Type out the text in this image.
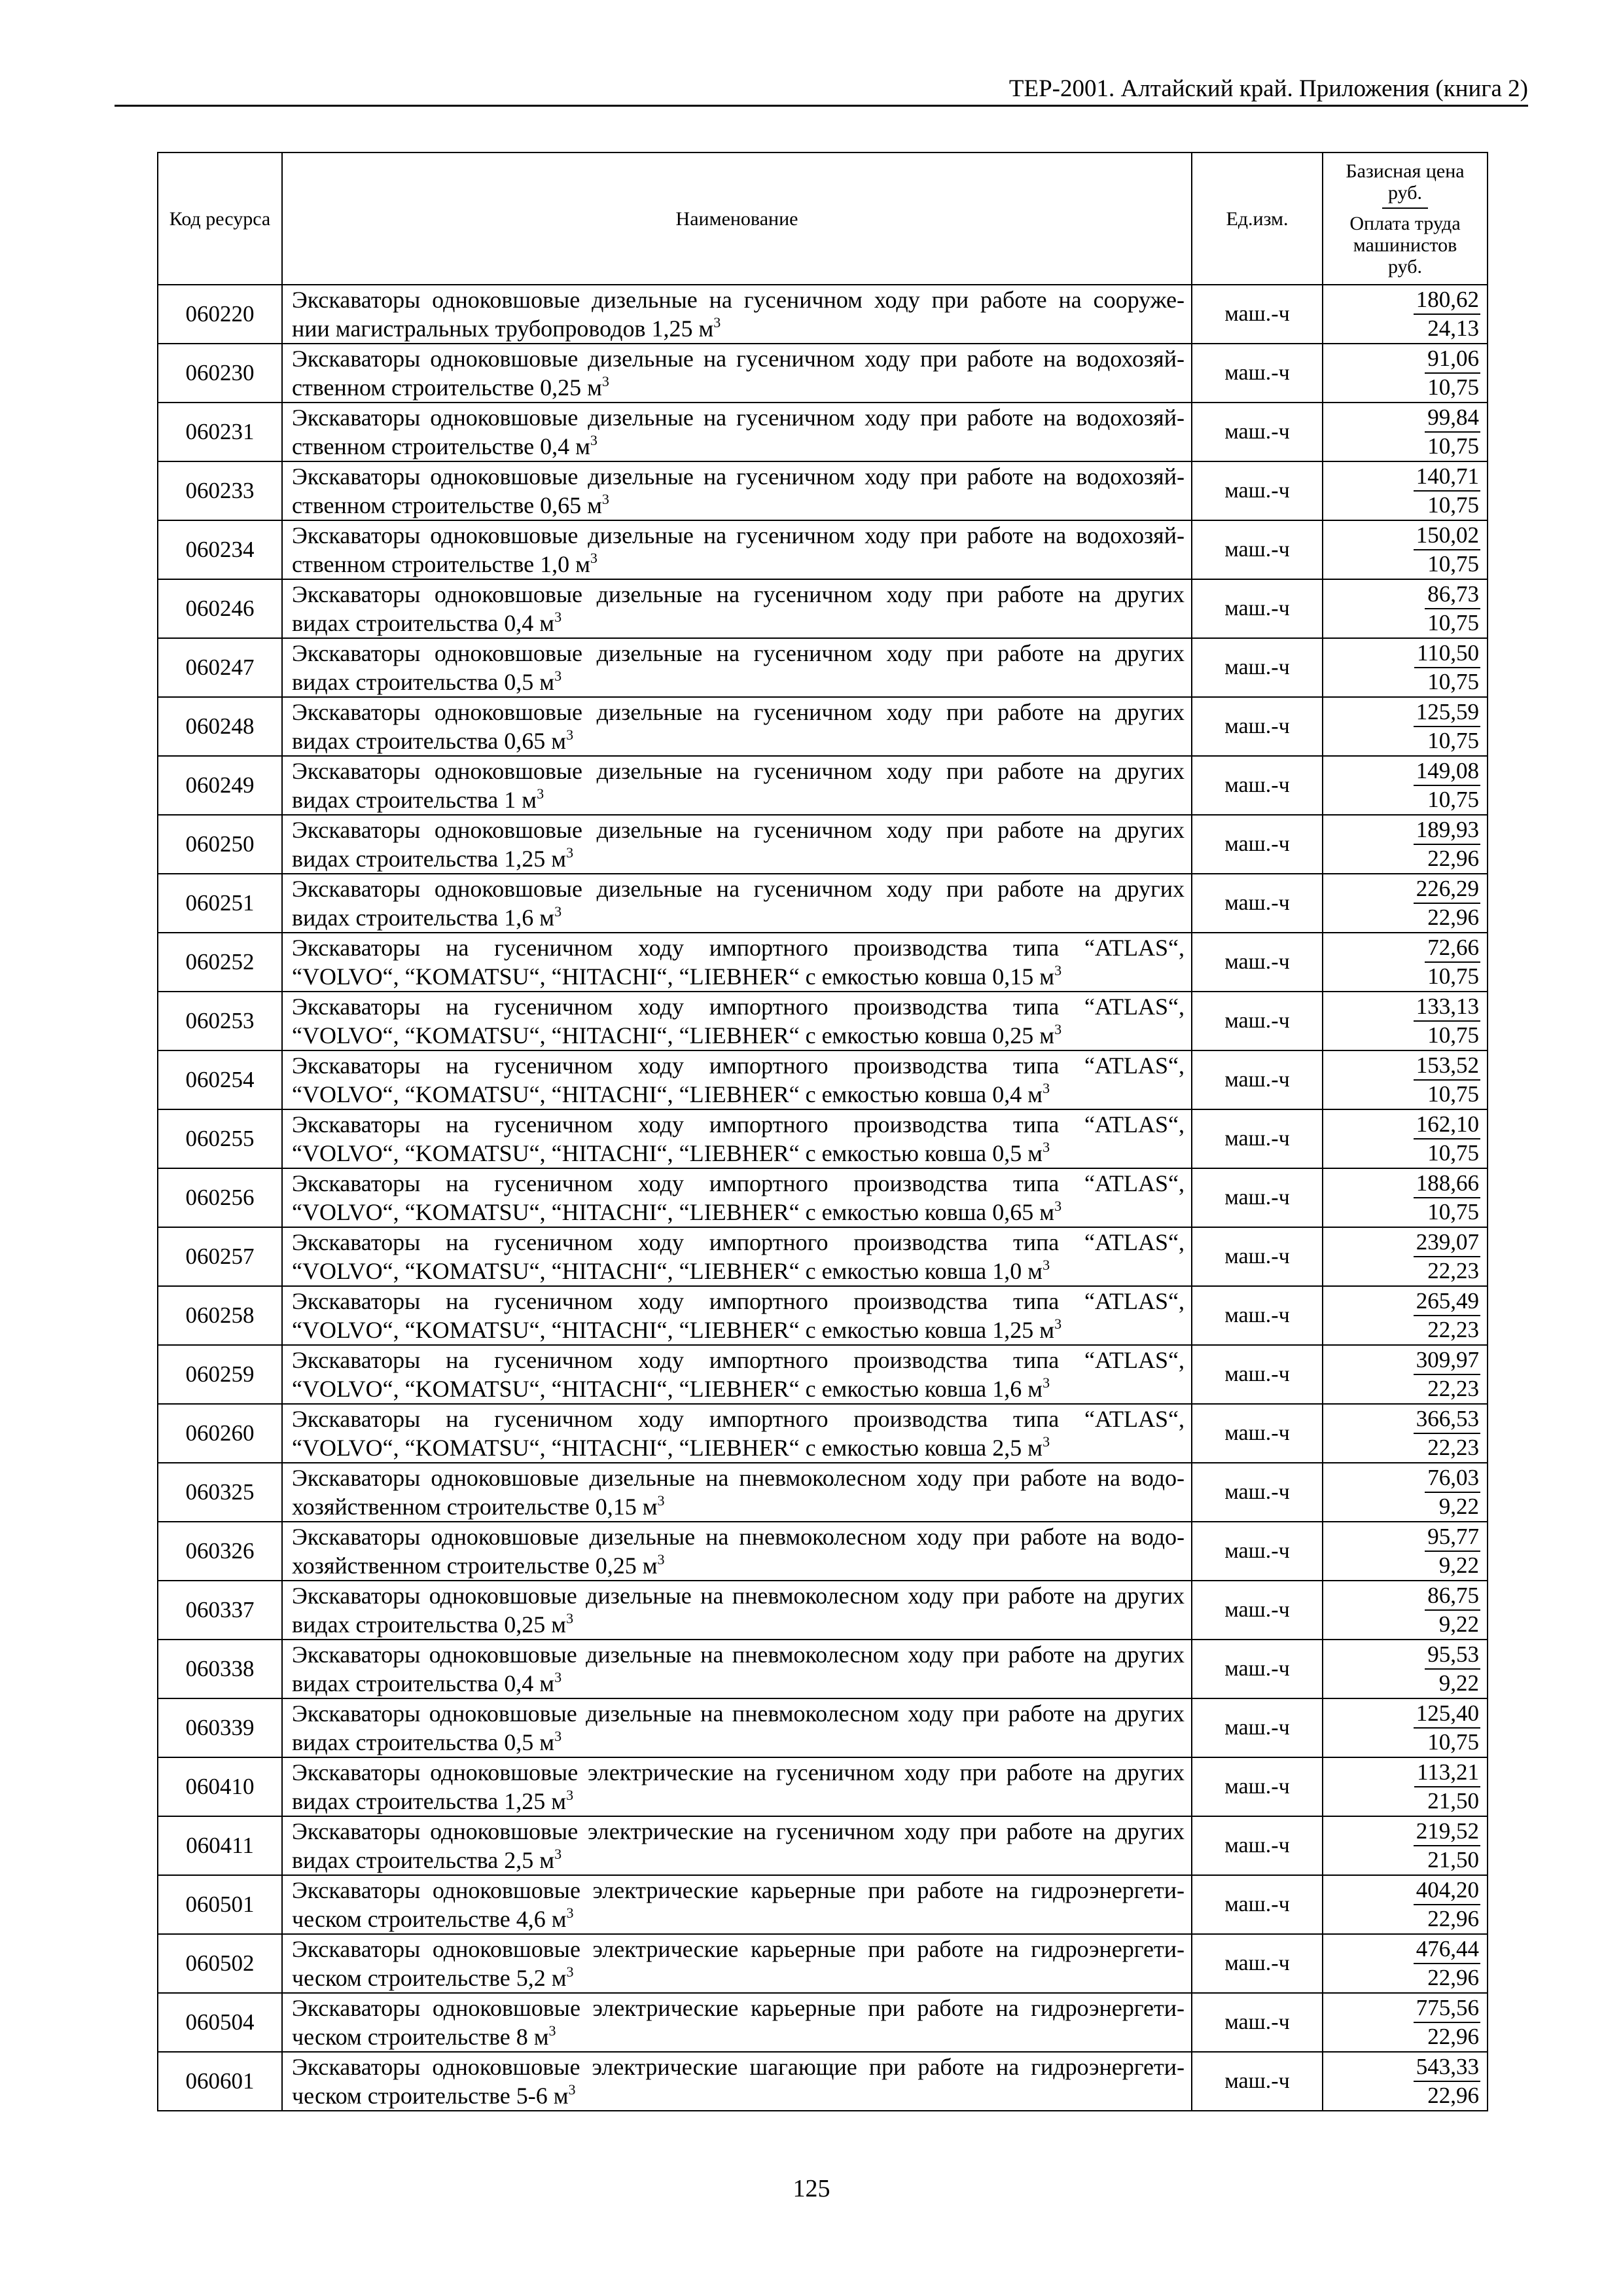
ТЕР-2001. Алтайский край. Приложения (книга 2)
Код ресурса	Наименование	Ед.изм.	Базисная цена руб.
Оплата труда машинистов руб.

060220	Экскаваторы одноковшовые дизельные на гусеничном ходу при работе на сооруже-
нии магистральных трубопроводов 1,25 $м^3$	маш.-ч	$\frac{180,62}{24,13}$

060230	Экскаваторы одноковшовые дизельные на гусеничном ходу при работе на водохозяй-
ственном строительстве 0,25 $м^3$	маш.-ч	$\frac{91,06}{10,75}$

060231	Экскаваторы одноковшовые дизельные на гусеничном ходу при работе на водохозяй-
ственном строительстве 0,4 $м^3$	маш.-ч	$\frac{99,84}{10,75}$

060233	Экскаваторы одноковшовые дизельные на гусеничном ходу при работе на водохозяй-
ственном строительстве 0,65 $м^3$	маш.-ч	$\frac{140,71}{10,75}$

060234	Экскаваторы одноковшовые дизельные на гусеничном ходу при работе на водохозяй-
ственном строительстве 1,0 $м^3$	маш.-ч	$\frac{150,02}{10,75}$

060246	Экскаваторы одноковшовые дизельные на гусеничном ходу при работе на других
видах строительства 0,4 $м^3$	маш.-ч	$\frac{86,73}{10,75}$

060247	Экскаваторы одноковшовые дизельные на гусеничном ходу при работе на других
видах строительства 0,5 $м^3$	маш.-ч	$\frac{110,50}{10,75}$

060248	Экскаваторы одноковшовые дизельные на гусеничном ходу при работе на других
видах строительства 0,65 $м^3$	маш.-ч	$\frac{125,59}{10,75}$

060249	Экскаваторы одноковшовые дизельные на гусеничном ходу при работе на других
видах строительства 1 $м^3$	маш.-ч	$\frac{149,08}{10,75}$

060250	Экскаваторы одноковшовые дизельные на гусеничном ходу при работе на других
видах строительства 1,25 $м^3$	маш.-ч	$\frac{189,93}{22,96}$

060251	Экскаваторы одноковшовые дизельные на гусеничном ходу при работе на других
видах строительства 1,6 $м^3$	маш.-ч	$\frac{226,29}{22,96}$

060252	Экскаваторы на гусеничном ходу импортного производства типа “ATLAS“,
“VOLVO“, “KOMATSU“, “HITACHI“, “LIEBHER“ с емкостью ковша 0,15 $м^3$	маш.-ч	$\frac{72,66}{10,75}$

060253	Экскаваторы на гусеничном ходу импортного производства типа “ATLAS“,
“VOLVO“, “KOMATSU“, “HITACHI“, “LIEBHER“ с емкостью ковша 0,25 $м^3$	маш.-ч	$\frac{133,13}{10,75}$

060254	Экскаваторы на гусеничном ходу импортного производства типа “ATLAS“,
“VOLVO“, “KOMATSU“, “HITACHI“, “LIEBHER“ с емкостью ковша 0,4 $м^3$	маш.-ч	$\frac{153,52}{10,75}$

060255	Экскаваторы на гусеничном ходу импортного производства типа “ATLAS“,
“VOLVO“, “KOMATSU“, “HITACHI“, “LIEBHER“ с емкостью ковша 0,5 $м^3$	маш.-ч	$\frac{162,10}{10,75}$

060256	Экскаваторы на гусеничном ходу импортного производства типа “ATLAS“,
“VOLVO“, “KOMATSU“, “HITACHI“, “LIEBHER“ с емкостью ковша 0,65 $м^3$	маш.-ч	$\frac{188,66}{10,75}$

060257	Экскаваторы на гусеничном ходу импортного производства типа “ATLAS“,
“VOLVO“, “KOMATSU“, “HITACHI“, “LIEBHER“ с емкостью ковша 1,0 $м^3$	маш.-ч	$\frac{239,07}{22,23}$

060258	Экскаваторы на гусеничном ходу импортного производства типа “ATLAS“,
“VOLVO“, “KOMATSU“, “HITACHI“, “LIEBHER“ с емкостью ковша 1,25 $м^3$	маш.-ч	$\frac{265,49}{22,23}$

060259	Экскаваторы на гусеничном ходу импортного производства типа “ATLAS“,
“VOLVO“, “KOMATSU“, “HITACHI“, “LIEBHER“ с емкостью ковша 1,6 $м^3$	маш.-ч	$\frac{309,97}{22,23}$

060260	Экскаваторы на гусеничном ходу импортного производства типа “ATLAS“,
“VOLVO“, “KOMATSU“, “HITACHI“, “LIEBHER“ с емкостью ковша 2,5 $м^3$	маш.-ч	$\frac{366,53}{22,23}$

060325	Экскаваторы одноковшовые дизельные на пневмоколесном ходу при работе на водо-
хозяйственном строительстве 0,15 $м^3$	маш.-ч	$\frac{76,03}{9,22}$

060326	Экскаваторы одноковшовые дизельные на пневмоколесном ходу при работе на водо-
хозяйственном строительстве 0,25 $м^3$	маш.-ч	$\frac{95,77}{9,22}$

060337	Экскаваторы одноковшовые дизельные на пневмоколесном ходу при работе на других
видах строительства 0,25 $м^3$	маш.-ч	$\frac{86,75}{9,22}$

060338	Экскаваторы одноковшовые дизельные на пневмоколесном ходу при работе на других
видах строительства 0,4 $м^3$	маш.-ч	$\frac{95,53}{9,22}$

060339	Экскаваторы одноковшовые дизельные на пневмоколесном ходу при работе на других
видах строительства 0,5 $м^3$	маш.-ч	$\frac{125,40}{10,75}$

060410	Экскаваторы одноковшовые электрические на гусеничном ходу при работе на других
видах строительства 1,25 $м^3$	маш.-ч	$\frac{113,21}{21,50}$

060411	Экскаваторы одноковшовые электрические на гусеничном ходу при работе на других
видах строительства 2,5 $м^3$	маш.-ч	$\frac{219,52}{21,50}$

060501	Экскаваторы одноковшовые электрические карьерные при работе на гидроэнергети-
ческом строительстве 4,6 $м^3$	маш.-ч	$\frac{404,20}{22,96}$

060502	Экскаваторы одноковшовые электрические карьерные при работе на гидроэнергети-
ческом строительстве 5,2 $м^3$	маш.-ч	$\frac{476,44}{22,96}$

060504	Экскаваторы одноковшовые электрические карьерные при работе на гидроэнергети-
ческом строительстве 8 $м^3$	маш.-ч	$\frac{775,56}{22,96}$

060601	Экскаваторы одноковшовые электрические шагающие при работе на гидроэнергети-
ческом строительстве 5-6 $м^3$	маш.-ч	$\frac{543,33}{22,96}$
125
